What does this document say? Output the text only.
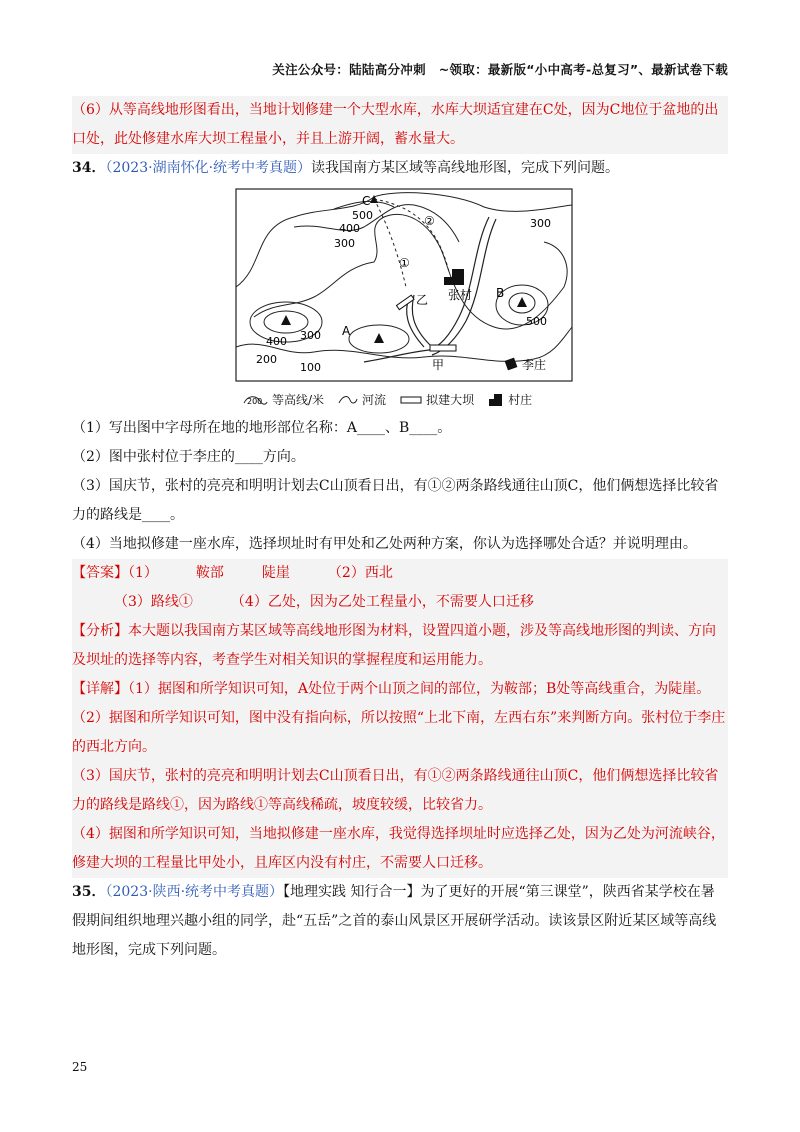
关注公众号：陆陆高分冲刺　~领取：最新版“小中高考-总复习”、最新试卷下载

（6）从等高线地形图看出，当地计划修建一个大型水库，水库大坝适宜建在C处，因为C地位于盆地的出口处，此处修建水库大坝工程量小，并且上游开阔，蓄水量大。

34．（2023·湖南怀化·统考中考真题）读我国南方某区域等高线地形图，完成下列问题。

C
A
B
乙
甲
张村
李庄
①
②
500
400
300
300
400 300
200
100
500
200 等高线/米	河流	拟建大坝	村庄

（1）写出图中字母所在地的地形部位名称：A____、B____。

（2）图中张村位于李庄的____方向。

（3）国庆节，张村的亮亮和明明计划去C山顶看日出，有①②两条路线通往山顶C，他们俩想选择比较省力的路线是____。

（4）当地拟修建一座水库，选择坝址时有甲处和乙处两种方案，你认为选择哪处合适？并说明理由。

【答案】（1）	鞍部	陡崖	（2）西北

（3）路线①	（4）乙处，因为乙处工程量小，不需要人口迁移

【分析】本大题以我国南方某区域等高线地形图为材料，设置四道小题，涉及等高线地形图的判读、方向及坝址的选择等内容，考查学生对相关知识的掌握程度和运用能力。

【详解】（1）据图和所学知识可知，A处位于两个山顶之间的部位，为鞍部；B处等高线重合，为陡崖。

（2）据图和所学知识可知，图中没有指向标，所以按照“上北下南，左西右东”来判断方向。张村位于李庄的西北方向。

（3）国庆节，张村的亮亮和明明计划去C山顶看日出，有①②两条路线通往山顶C，他们俩想选择比较省力的路线是路线①，因为路线①等高线稀疏，坡度较缓，比较省力。

（4）据图和所学知识可知，当地拟修建一座水库，我觉得选择坝址时应选择乙处，因为乙处为河流峡谷，修建大坝的工程量比甲处小，且库区内没有村庄，不需要人口迁移。

35．（2023·陕西·统考中考真题）【地理实践 知行合一】为了更好的开展“第三课堂”，陕西省某学校在暑假期间组织地理兴趣小组的同学，赴“五岳”之首的泰山风景区开展研学活动。读该景区附近某区域等高线地形图，完成下列问题。

25
